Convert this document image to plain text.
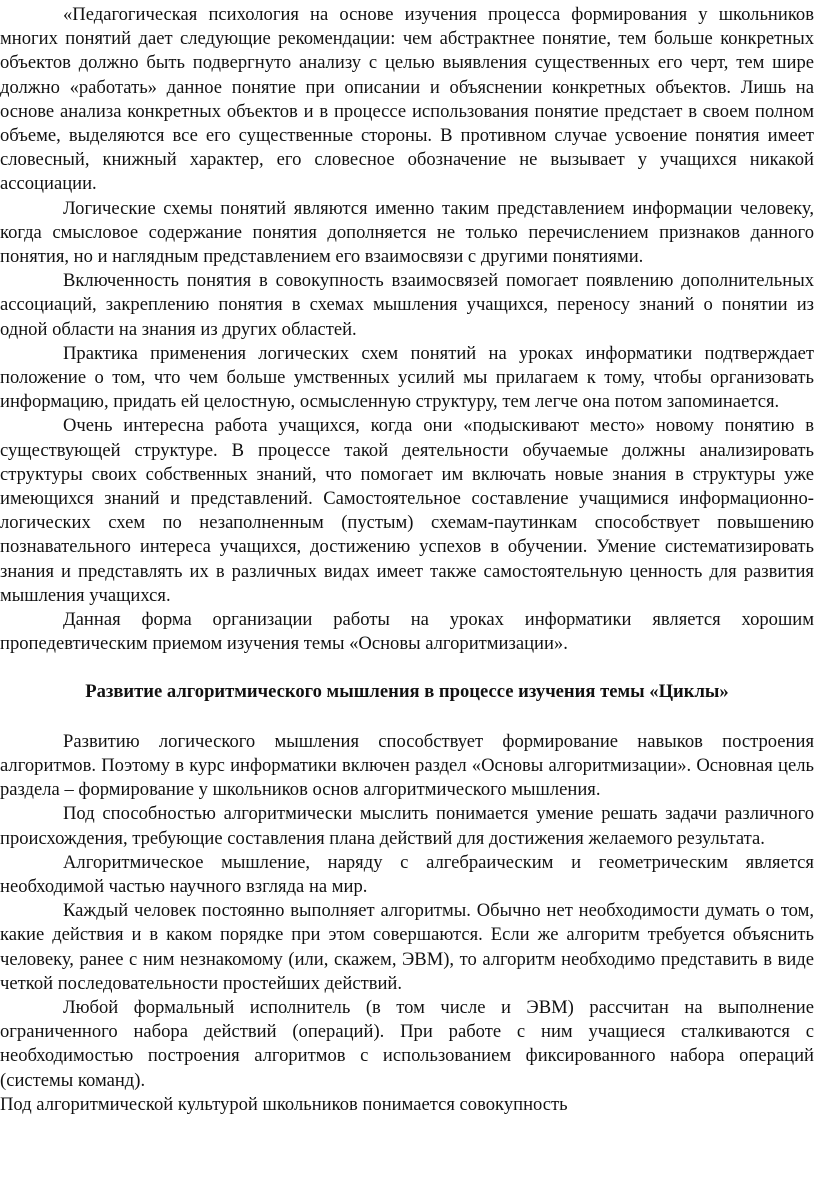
«Педагогическая психология на основе изучения процесса формирования у школьников многих понятий дает следующие рекомендации: чем абстрактнее понятие, тем больше конкретных объектов должно быть подвергнуто анализу с целью выявления существенных его черт, тем шире должно «работать» данное понятие при описании и объяснении конкретных объектов. Лишь на основе анализа конкретных объектов и в процессе использования понятие предстает в своем полном объеме, выделяются все его существенные стороны. В противном случае усвоение понятия имеет словесный, книжный характер, его словесное обозначение не вызывает у учащихся никакой ассоциации.

Логические схемы понятий являются именно таким представлением информации человеку, когда смысловое содержание понятия дополняется не только перечислением признаков данного понятия, но и наглядным представлением его взаимосвязи с другими понятиями.

Включенность понятия в совокупность взаимосвязей помогает появлению дополнительных ассоциаций, закреплению понятия в схемах мышления учащихся, переносу знаний о понятии из одной области на знания из других областей.

Практика применения логических схем понятий на уроках информатики подтверждает положение о том, что чем больше умственных усилий мы прилагаем к тому, чтобы организовать информацию, придать ей целостную, осмысленную структуру, тем легче она потом запоминается.

Очень интересна работа учащихся, когда они «подыскивают место» новому понятию в существующей структуре. В процессе такой деятельности обучаемые должны анализировать структуры своих собственных знаний, что помогает им включать новые знания в структуры уже имеющихся знаний и представлений. Самостоятельное составление учащимися информационно-логических схем по незаполненным (пустым) схемам-паутинкам способствует повышению познавательного интереса учащихся, достижению успехов в обучении. Умение систематизировать знания и представлять их в различных видах имеет также самостоятельную ценность для развития мышления учащихся.

Данная форма организации работы на уроках информатики является хорошим пропедевтическим приемом изучения темы «Основы алгоритмизации».

Развитие алгоритмического мышления в процессе изучения темы «Циклы»

Развитию логического мышления способствует формирование навыков построения алгоритмов. Поэтому в курс информатики включен раздел «Основы алгоритмизации». Основная цель раздела – формирование у школьников основ алгоритмического мышления.

Под способностью алгоритмически мыслить понимается умение решать задачи различного происхождения, требующие составления плана действий для достижения желаемого результата.

Алгоритмическое мышление, наряду с алгебраическим и геометрическим является необходимой частью научного взгляда на мир.

Каждый человек постоянно выполняет алгоритмы. Обычно нет необходимости думать о том, какие действия и в каком порядке при этом совершаются. Если же алгоритм требуется объяснить человеку, ранее с ним незнакомому (или, скажем, ЭВМ), то алгоритм необходимо представить в виде четкой последовательности простейших действий.

Любой формальный исполнитель (в том числе и ЭВМ) рассчитан на выполнение ограниченного набора действий (операций). При работе с ним учащиеся сталкиваются с необходимостью построения алгоритмов с использованием фиксированного набора операций (системы команд).

Под алгоритмической культурой школьников понимается совокупность
